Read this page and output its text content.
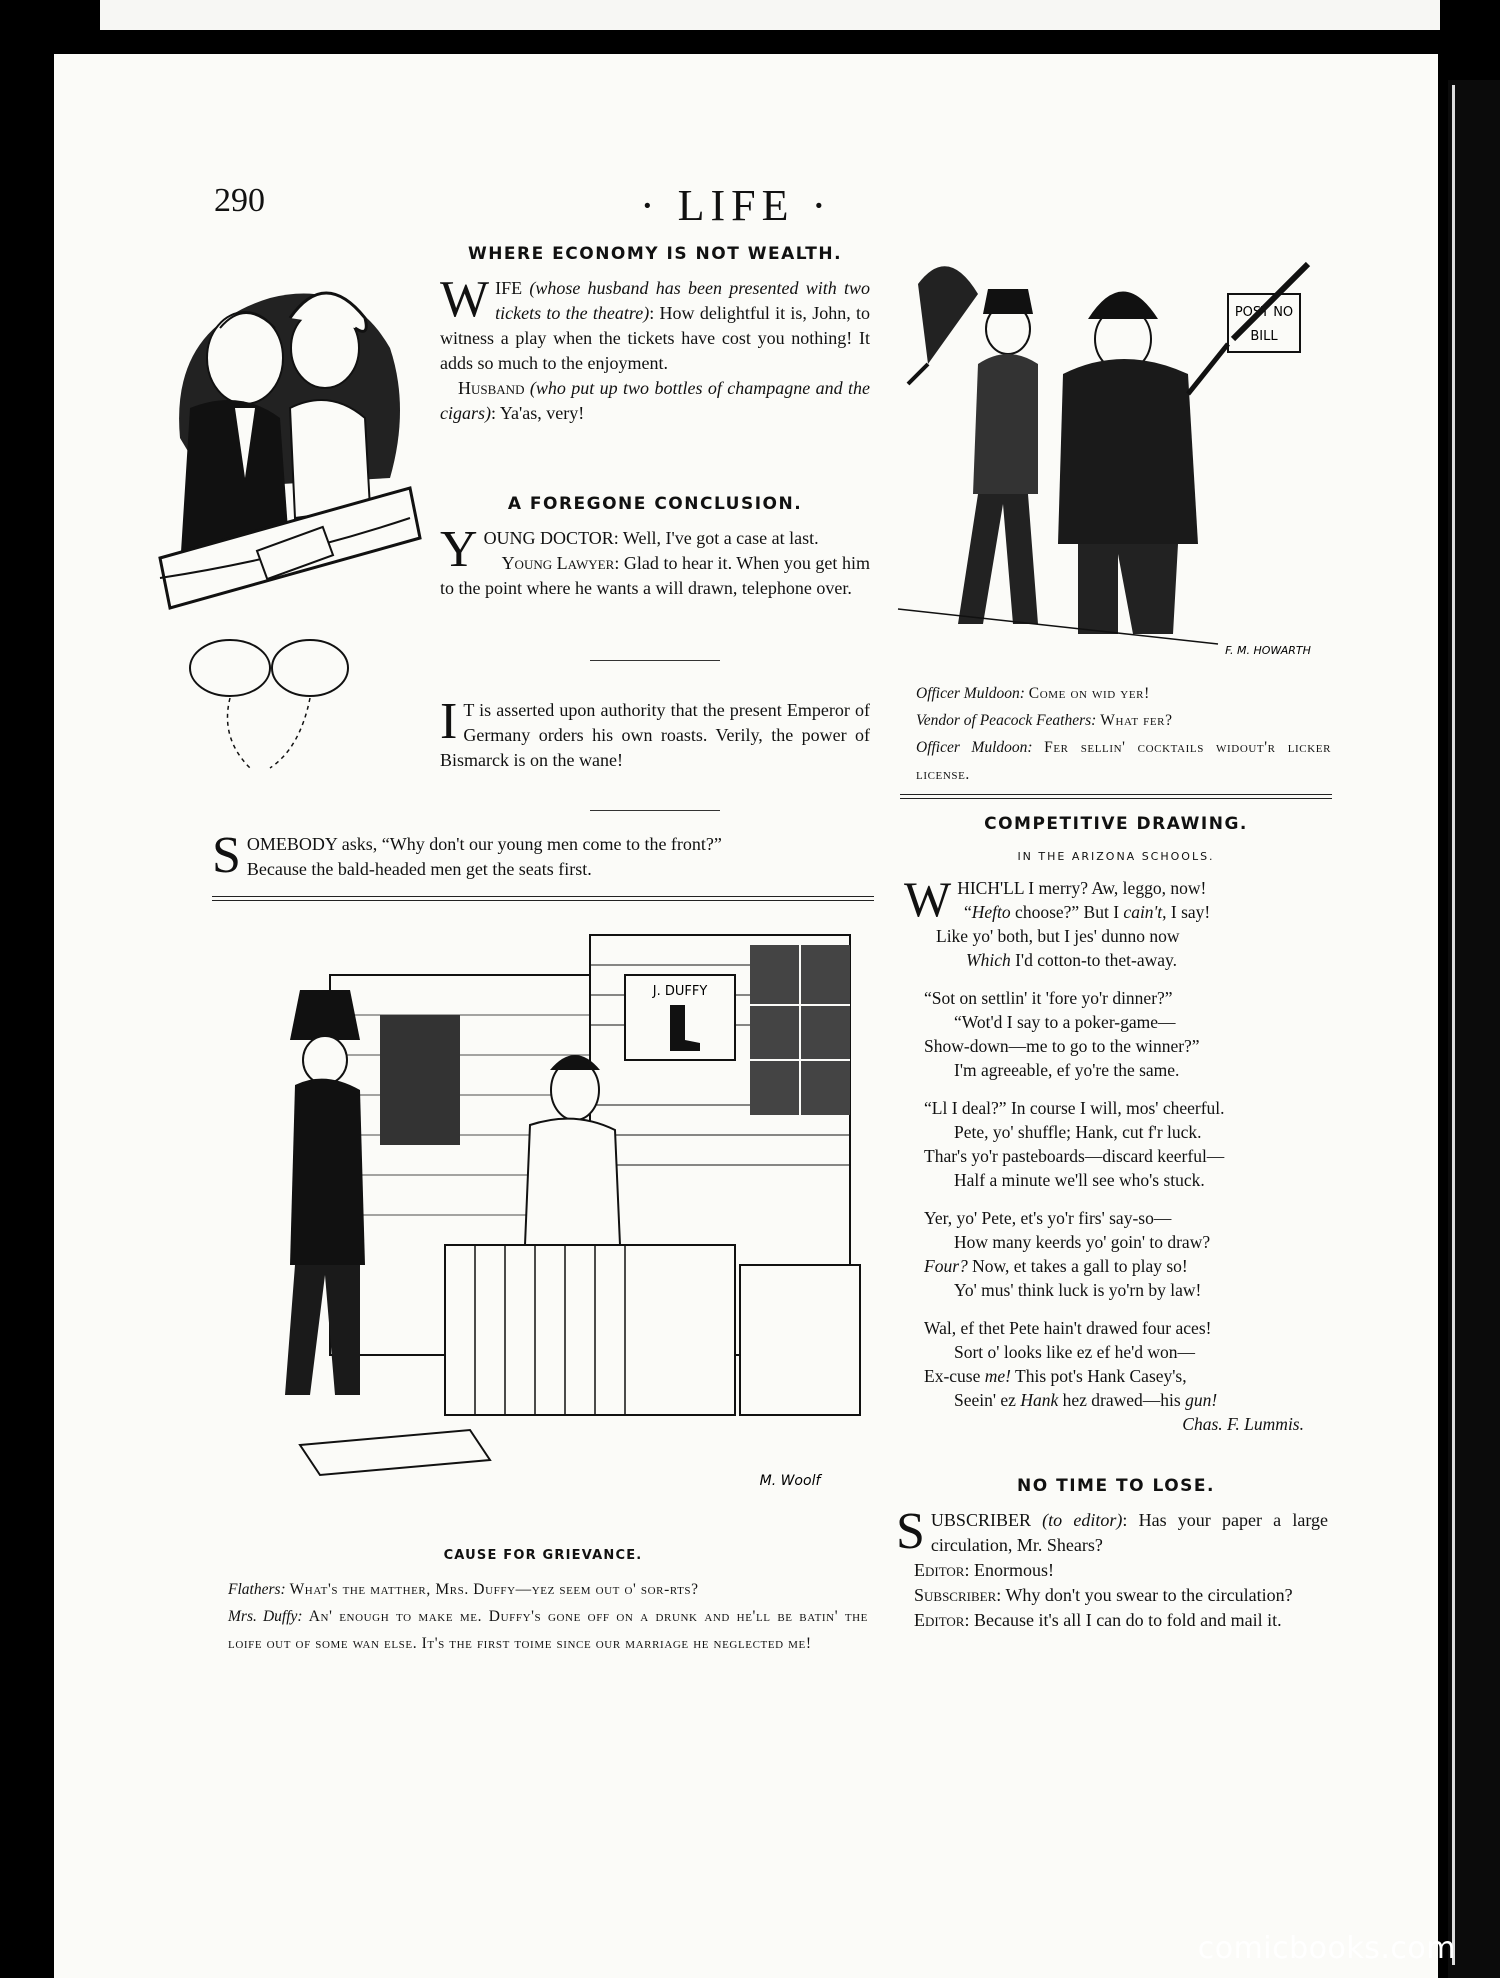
290	· LIFE ·
WHERE ECONOMY IS NOT WEALTH.

WIFE (whose husband has been presented with two tickets to the theatre): How delightful it is, John, to witness a play when the tickets have cost you nothing! It adds so much to the enjoyment.

Husband (who put up two bottles of champagne and the cigars): Ya'as, very!

A FOREGONE CONCLUSION.

YOUNG DOCTOR: Well, I've got a case at last.

Young Lawyer: Glad to hear it. When you get him to the point where he wants a will drawn, telephone over.

I T is asserted upon authority that the present Emperor of Germany orders his own roasts. Verily, the power of Bismarck is on the wane!

POST NO
BILL
F. M. HOWARTH
Officer Muldoon: Come on wid yer!
Vendor of Peacock Feathers: What fer?
Officer Muldoon: Fer sellin' cocktails widout'r licker license.

SOMEBODY asks, “Why don't our young men come to the front?”
Because the bald-headed men get the seats first.

J. DUFFY
M. Woolf
CAUSE FOR GRIEVANCE.
Flathers: What's the matther, Mrs. Duffy—yez seem out o' sor-rts?
Mrs. Duffy: An' enough to make me. Duffy's gone off on a drunk and he'll be batin' the loife out of some wan else. It's the first toime since our marriage he neglected me!
COMPETITIVE DRAWING.
IN THE ARIZONA SCHOOLS.
WHICH'LL I merry? Aw, leggo, now!
“Hefto choose?” But I cain't, I say!
Like yo' both, but I jes' dunno now
Which I'd cotton-to thet-away.
“Sot on settlin' it 'fore yo'r dinner?”
“Wot'd I say to a poker-game—
Show-down—me to go to the winner?”
I'm agreeable, ef yo're the same.
“Ll I deal?” In course I will, mos' cheerful.
Pete, yo' shuffle; Hank, cut f'r luck.
Thar's yo'r pasteboards—discard keerful—
Half a minute we'll see who's stuck.
Yer, yo' Pete, et's yo'r firs' say-so—
How many keerds yo' goin' to draw?
Four? Now, et takes a gall to play so!
Yo' mus' think luck is yo'rn by law!
Wal, ef thet Pete hain't drawed four aces!
Sort o' looks like ez ef he'd won—
Ex-cuse me! This pot's Hank Casey's,
Seein' ez Hank hez drawed—his gun!
Chas. F. Lummis.
NO TIME TO LOSE.

SUBSCRIBER (to editor): Has your paper a large circulation, Mr. Shears?

Editor: Enormous!

Subscriber: Why don't you swear to the circulation?

Editor: Because it's all I can do to fold and mail it.

comicbooks.com
